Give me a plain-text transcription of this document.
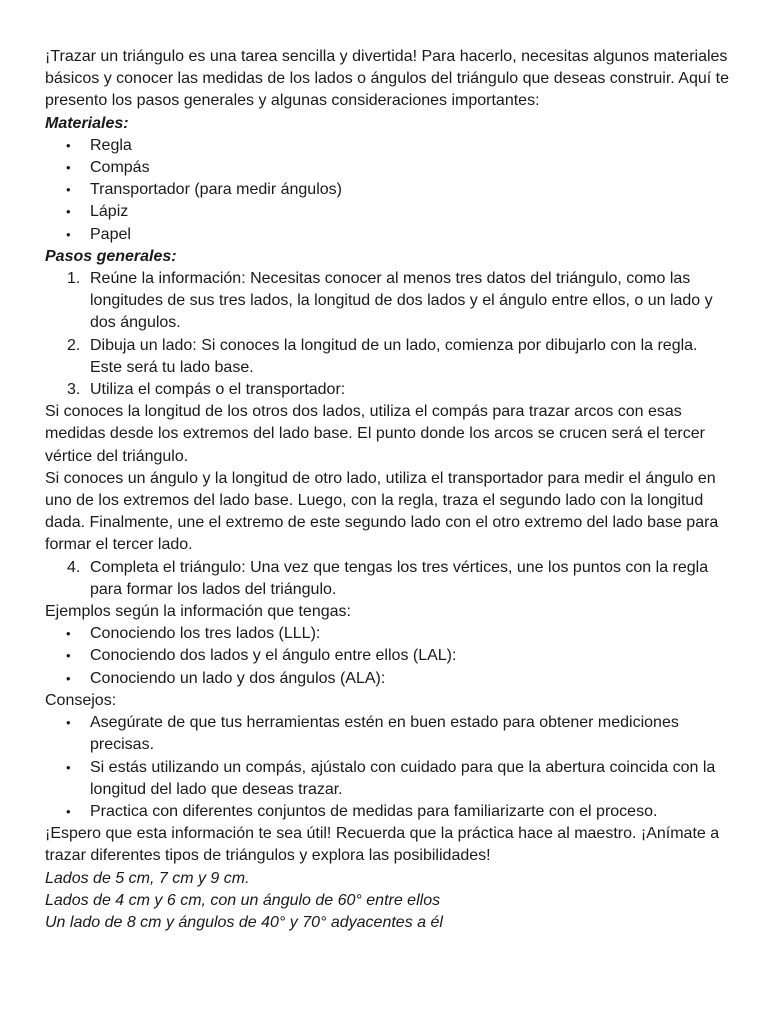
¡Trazar un triángulo es una tarea sencilla y divertida! Para hacerlo, necesitas algunos materiales básicos y conocer las medidas de los lados o ángulos del triángulo que deseas construir. Aquí te presento los pasos generales y algunas consideraciones importantes:

Materiales:

• Regla
• Compás
• Transportador (para medir ángulos)
• Lápiz
• Papel

Pasos generales:

1. Reúne la información: Necesitas conocer al menos tres datos del triángulo, como las longitudes de sus tres lados, la longitud de dos lados y el ángulo entre ellos, o un lado y dos ángulos.
2. Dibuja un lado: Si conoces la longitud de un lado, comienza por dibujarlo con la regla. Este será tu lado base.
3. Utiliza el compás o el transportador:

Si conoces la longitud de los otros dos lados, utiliza el compás para trazar arcos con esas medidas desde los extremos del lado base. El punto donde los arcos se crucen será el tercer vértice del triángulo.

Si conoces un ángulo y la longitud de otro lado, utiliza el transportador para medir el ángulo en uno de los extremos del lado base. Luego, con la regla, traza el segundo lado con la longitud dada. Finalmente, une el extremo de este segundo lado con el otro extremo del lado base para formar el tercer lado.

4. Completa el triángulo: Una vez que tengas los tres vértices, une los puntos con la regla para formar los lados del triángulo.

Ejemplos según la información que tengas:

• Conociendo los tres lados (LLL):
• Conociendo dos lados y el ángulo entre ellos (LAL):
• Conociendo un lado y dos ángulos (ALA):

Consejos:

• Asegúrate de que tus herramientas estén en buen estado para obtener mediciones precisas.
• Si estás utilizando un compás, ajústalo con cuidado para que la abertura coincida con la longitud del lado que deseas trazar.
• Practica con diferentes conjuntos de medidas para familiarizarte con el proceso.

¡Espero que esta información te sea útil! Recuerda que la práctica hace al maestro. ¡Anímate a trazar diferentes tipos de triángulos y explora las posibilidades!

Lados de 5 cm, 7 cm y 9 cm.

Lados de 4 cm y 6 cm, con un ángulo de 60° entre ellos

Un lado de 8 cm y ángulos de 40° y 70° adyacentes a él
